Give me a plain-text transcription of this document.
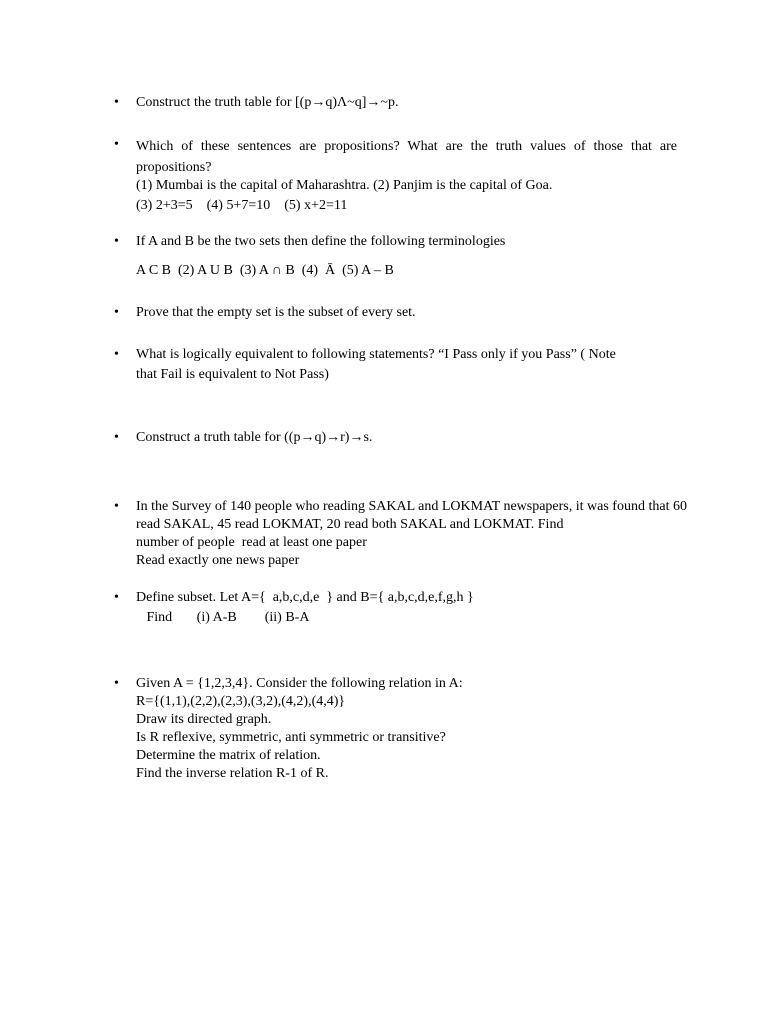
Construct the truth table for [(p→q)Λ~q]→~p.
Which of these sentences are propositions? What are the truth values of those that are propositions?
(1) Mumbai is the capital of Maharashtra. (2) Panjim is the capital of Goa.
(3) 2+3=5    (4) 5+7=10    (5) x+2=11
If A and B be the two sets then define the following terminologies
A C B  (2) A U B  (3) A ∩ B  (4)  Ā  (5) A – B
Prove that the empty set is the subset of every set.
What is logically equivalent to following statements? “I Pass only if you Pass” ( Note
that Fail is equivalent to Not Pass)
Construct a truth table for ((p→q)→r)→s.
In the Survey of 140 people who reading SAKAL and LOKMAT newspapers, it was found that 60
read SAKAL, 45 read LOKMAT, 20 read both SAKAL and LOKMAT. Find
number of people  read at least one paper
Read exactly one news paper
Define subset. Let A={  a,b,c,d,e  } and B={ a,b,c,d,e,f,g,h }
Find       (i) A-B        (ii) B-A
Given A = {1,2,3,4}. Consider the following relation in A:
R={(1,1),(2,2),(2,3),(3,2),(4,2),(4,4)}
Draw its directed graph.
Is R reflexive, symmetric, anti symmetric or transitive?
Determine the matrix of relation.
Find the inverse relation R-1 of R.
